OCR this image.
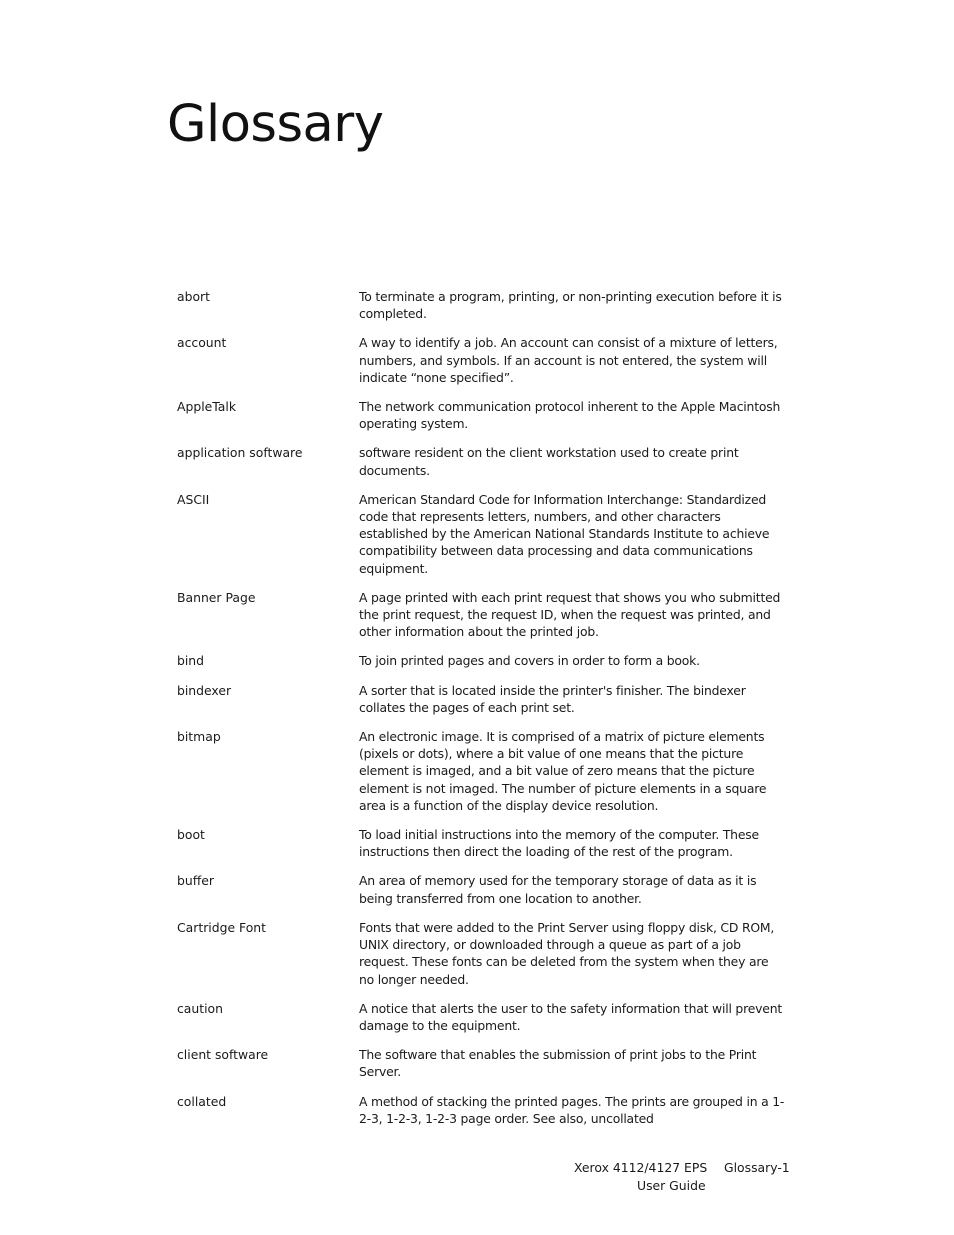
Glossary
abort	To terminate a program, printing, or non-printing execution before it is completed.
account	A way to identify a job. An account can consist of a mixture of letters, numbers, and symbols. If an account is not entered, the system will indicate “none specified”.
AppleTalk	The network communication protocol inherent to the Apple Macintosh operating system.
application software	software resident on the client workstation used to create print documents.
ASCII	American Standard Code for Information Interchange: Standardized code that represents letters, numbers, and other characters established by the American National Standards Institute to achieve compatibility between data processing and data communications equipment.
Banner Page	A page printed with each print request that shows you who submitted the print request, the request ID, when the request was printed, and other information about the printed job.
bind	To join printed pages and covers in order to form a book.
bindexer	A sorter that is located inside the printer's finisher. The bindexer collates the pages of each print set.
bitmap	An electronic image. It is comprised of a matrix of picture elements (pixels or dots), where a bit value of one means that the picture element is imaged, and a bit value of zero means that the picture element is not imaged. The number of picture elements in a square area is a function of the display device resolution.
boot	To load initial instructions into the memory of the computer. These instructions then direct the loading of the rest of the program.
buffer	An area of memory used for the temporary storage of data as it is being transferred from one location to another.
Cartridge Font	Fonts that were added to the Print Server using floppy disk, CD ROM, UNIX directory, or downloaded through a queue as part of a job request. These fonts can be deleted from the system when they are no longer needed.
caution	A notice that alerts the user to the safety information that will prevent damage to the equipment.
client software	The software that enables the submission of print jobs to the Print Server.
collated	A method of stacking the printed pages. The prints are grouped in a 1-2-3, 1-2-3, 1-2-3 page order. See also, uncollated
Xerox 4112/4127 EPS
User Guide
Glossary-1
